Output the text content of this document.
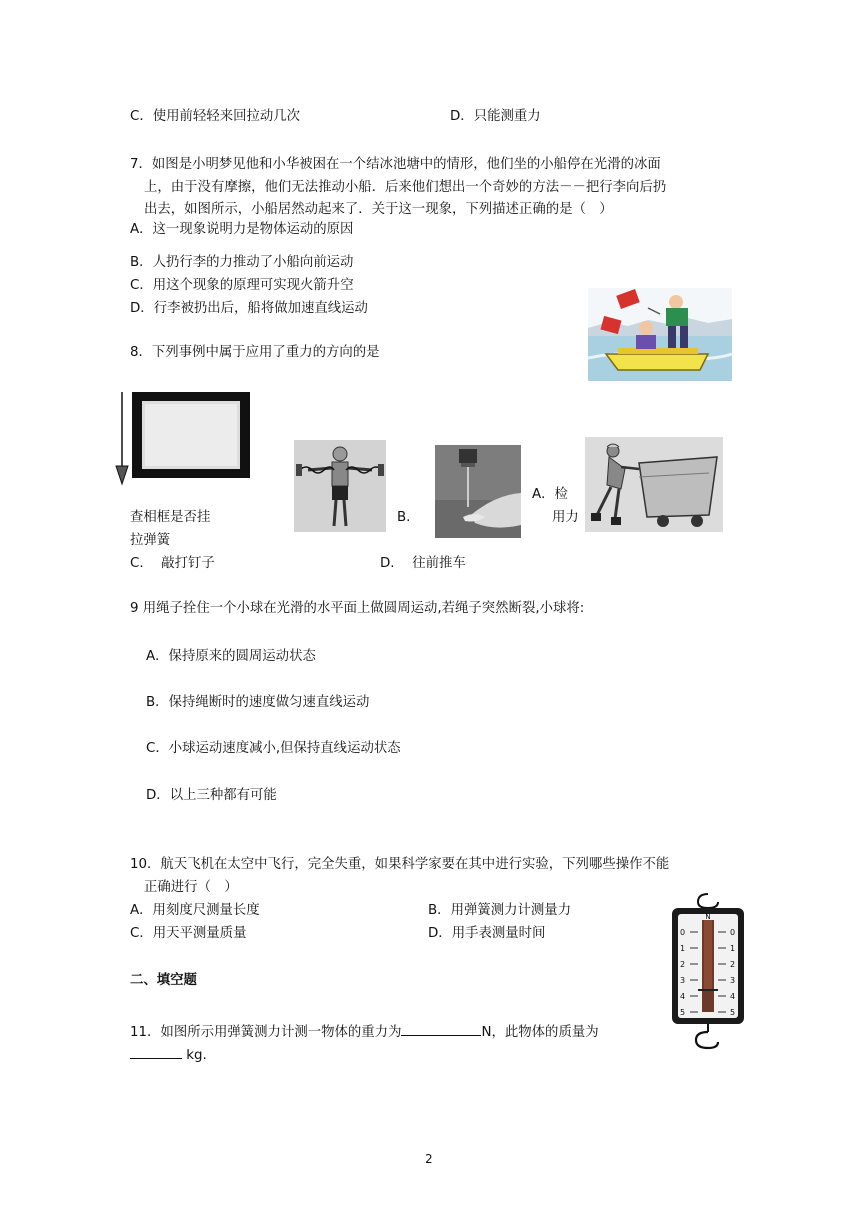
C．使用前轻轻来回拉动几次	D．只能测重力
7．如图是小明梦见他和小华被困在一个结冰池塘中的情形，他们坐的小船停在光滑的冰面
上，由于没有摩擦，他们无法推动小船．后来他们想出一个奇妙的方法－－把行李向后扔
出去，如图所示，小船居然动起来了．关于这一现象，下列描述正确的是（　）
A．这一现象说明力是物体运动的原因
B．人扔行李的力推动了小船向前运动
C．用这个现象的原理可实现火箭升空
D．行李被扔出后，船将做加速直线运动
8．下列事例中属于应用了重力的方向的是
查相框是否挂
拉弹簧
B.
A．检
用力
C.　 敲打钉子	D.　 往前推车
9 用绳子拴住一个小球在光滑的水平面上做圆周运动,若绳子突然断裂,小球将:
A．保持原来的圆周运动状态
B．保持绳断时的速度做匀速直线运动
C．小球运动速度减小,但保持直线运动状态
D．以上三种都有可能
10．航天飞机在太空中飞行，完全失重，如果科学家要在其中进行实验，下列哪些操作不能
正确进行（　）
A．用刻度尺测量长度	B．用弹簧测力计测量力
C．用天平测量质量	D．用手表测量时间
二、填空题
11．如图所示用弹簧测力计测一物体的重力为	N，此物体的质量为
kg.
N
0
1
2
3
4
5
0
1
2
3
4
5
2
